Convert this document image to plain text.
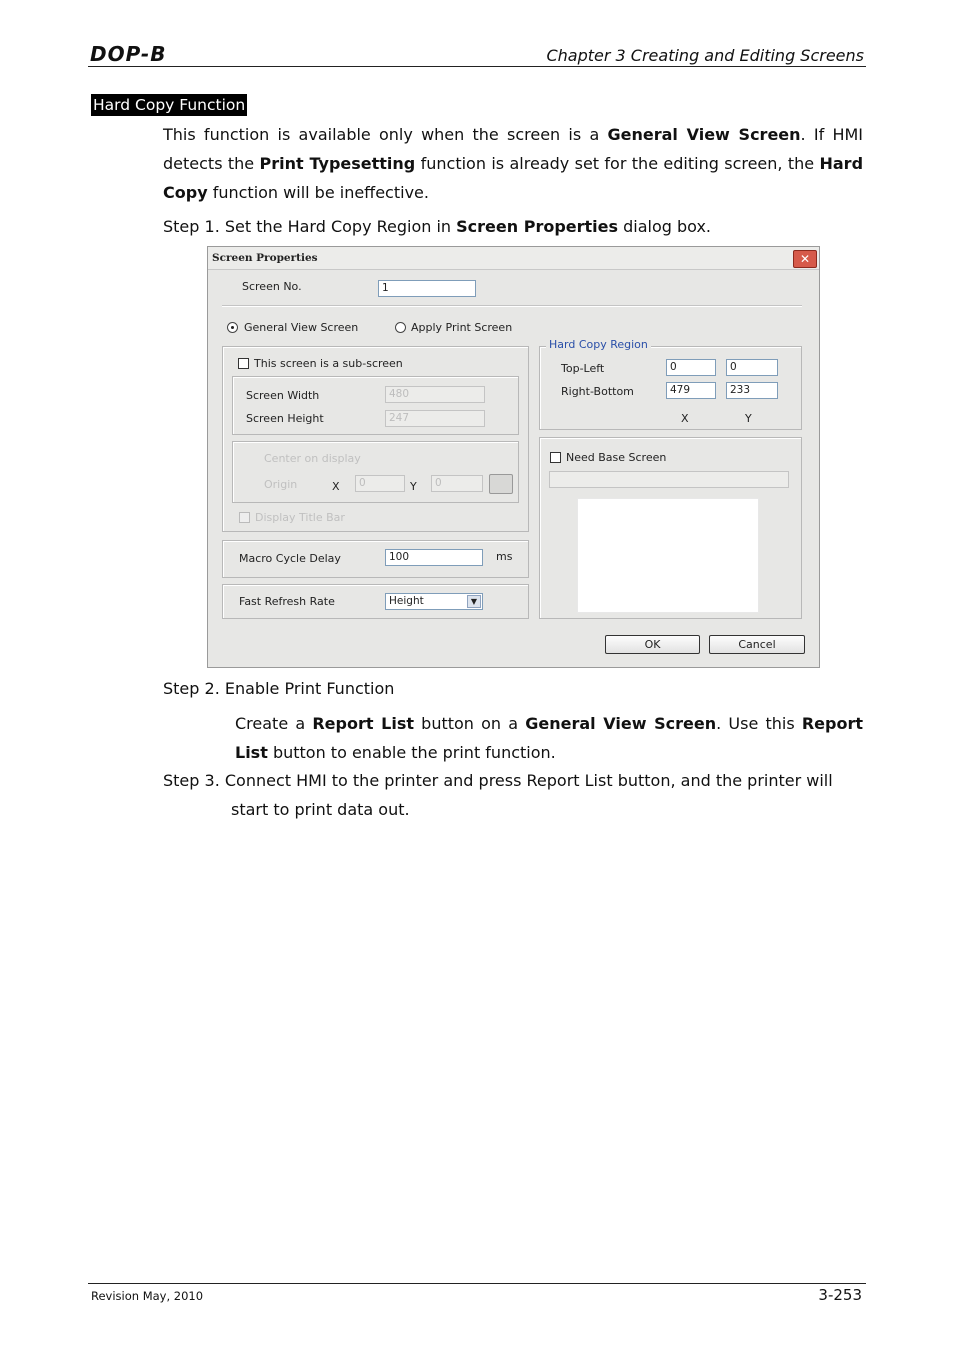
DOP-B	Chapter 3 Creating and Editing Screens
Hard Copy Function
This function is available only when the screen is a General View Screen. If HMI detects the Print Typesetting function is already set for the editing screen, the Hard Copy function will be ineffective.
Step 1. Set the Hard Copy Region in Screen Properties dialog box.
Screen Properties	✕
Screen No.	1
General View Screen	Apply Print Screen
This screen is a sub-screen
Screen Width	480
Screen Height	247
Center on display
Origin	X	0	Y	0
Display Title Bar
Macro Cycle Delay	100	ms
Fast Refresh Rate	Height	▼
Hard Copy Region
Top-Left	0	0
Right-Bottom	479	233
X	Y
Need Base Screen
OK	Cancel
Step 2. Enable Print Function
Create a Report List button on a General View Screen. Use this Report List button to enable the print function.
Step 3. Connect HMI to the printer and press Report List button, and the printer will
start to print data out.
Revision May, 2010	3-253
